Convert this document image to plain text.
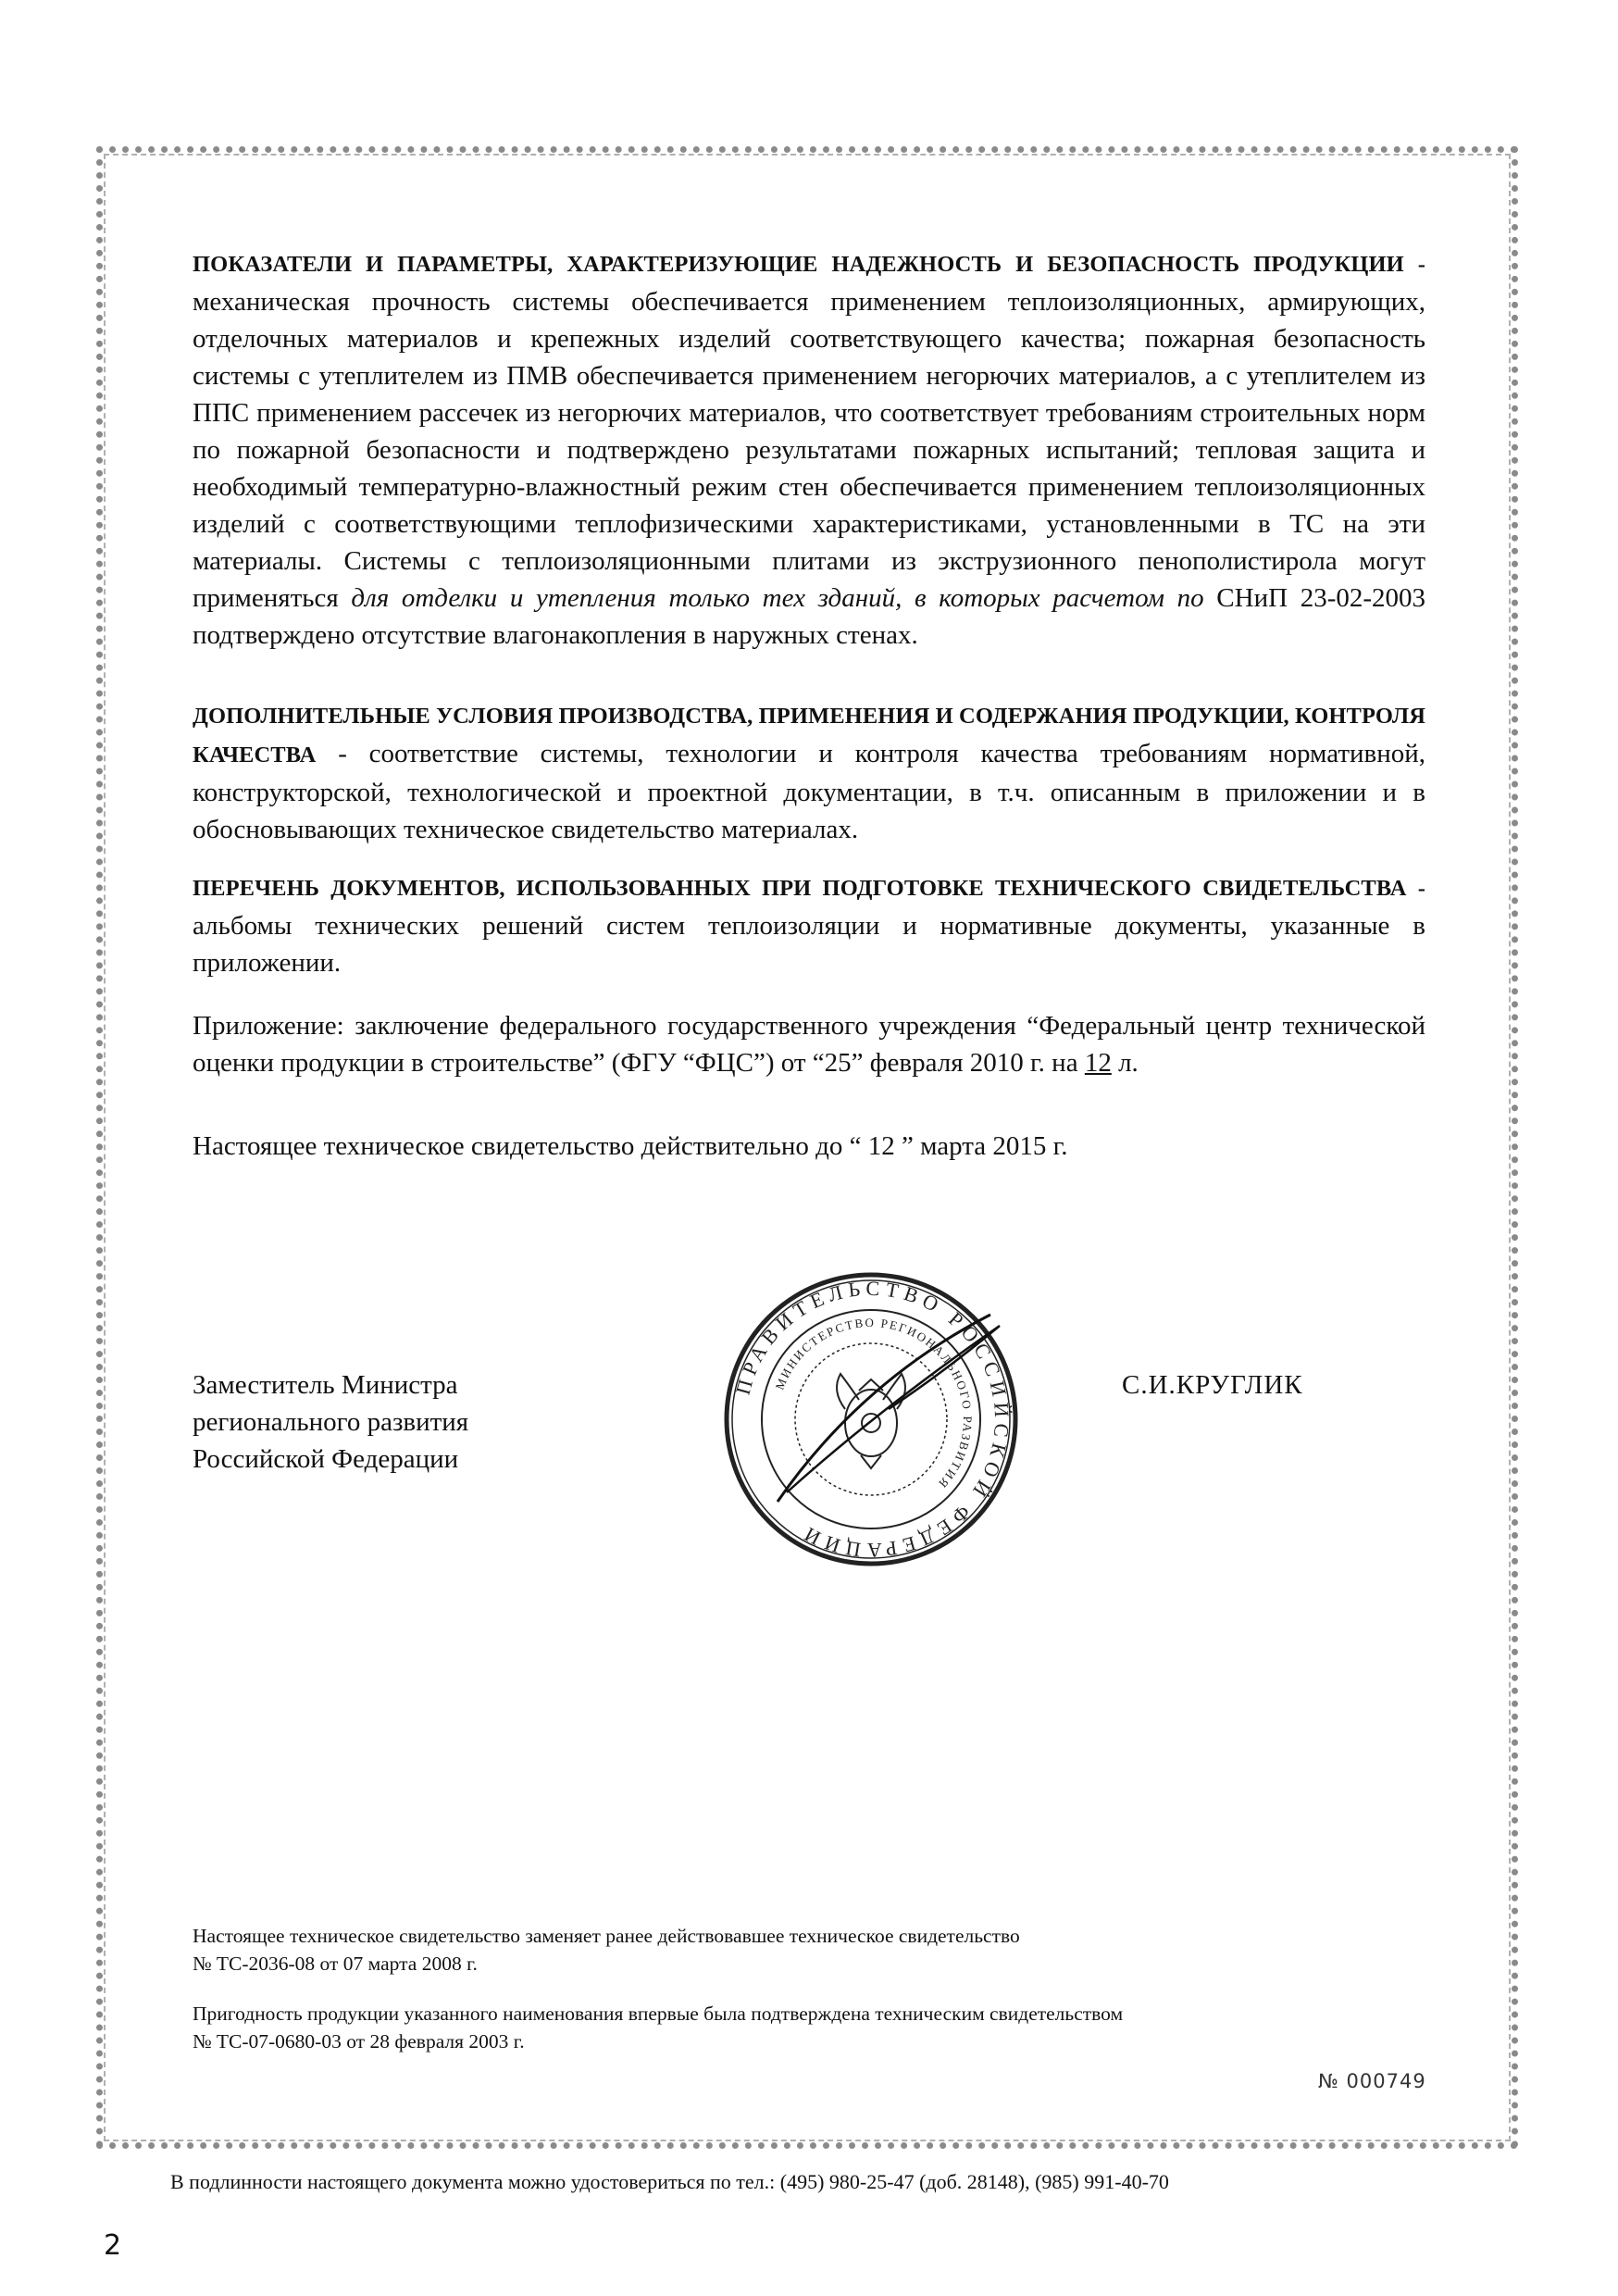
ПОКАЗАТЕЛИ И ПАРАМЕТРЫ, ХАРАКТЕРИЗУЮЩИЕ НАДЕЖНОСТЬ И БЕЗОПАСНОСТЬ ПРОДУКЦИИ - механическая прочность системы обеспечивается применением теплоизоляционных, армирующих, отделочных материалов и крепежных изделий соответствующего качества; пожарная безопасность системы с утеплителем из ПМВ обеспечивается применением негорючих материалов, а с утеплителем из ППС применением рассечек из негорючих материалов, что соответствует требованиям строительных норм по пожарной безопасности и подтверждено результатами пожарных испытаний; тепловая защита и необходимый температурно-влажностный режим стен обеспечивается применением теплоизоляционных изделий с соответствующими теплофизическими характеристиками, установленными в ТС на эти материалы. Системы с теплоизоляционными плитами из экструзионного пенополистирола могут применяться для отделки и утепления только тех зданий, в которых расчетом по СНиП 23-02-2003 подтверждено отсутствие влагонакопления в наружных стенах.

ДОПОЛНИТЕЛЬНЫЕ УСЛОВИЯ ПРОИЗВОДСТВА, ПРИМЕНЕНИЯ И СОДЕРЖАНИЯ ПРОДУКЦИИ, КОНТРОЛЯ КАЧЕСТВА - соответствие системы, технологии и контроля качества требованиям нормативной, конструкторской, технологической и проектной документации, в т.ч. описанным в приложении и в обосновывающих техническое свидетельство материалах.

ПЕРЕЧЕНЬ ДОКУМЕНТОВ, ИСПОЛЬЗОВАННЫХ ПРИ ПОДГОТОВКЕ ТЕХНИЧЕСКОГО СВИДЕТЕЛЬСТВА - альбомы технических решений систем теплоизоляции и нормативные документы, указанные в приложении.

Приложение: заключение федерального государственного учреждения “Федеральный центр технической оценки продукции в строительстве” (ФГУ “ФЦС”) от “25” февраля 2010 г. на 12 л.

Настоящее техническое свидетельство действительно до “ 12 ” марта 2015 г.

Заместитель Министра
регионального развития
Российской Федерации
С.И.КРУГЛИК
ПРАВИТЕЛЬСТВО РОССИЙСКОЙ ФЕДЕРАЦИИ
МИНИСТЕРСТВО РЕГИОНАЛЬНОГО РАЗВИТИЯ
Настоящее техническое свидетельство заменяет ранее действовавшее техническое свидетельство
№ ТС-2036-08 от 07 марта 2008 г.
Пригодность продукции указанного наименования впервые была подтверждена техническим свидетельством
№ ТС-07-0680-03 от 28 февраля 2003 г.
№ 000749
В подлинности настоящего документа можно удостовериться по тел.: (495) 980-25-47 (доб. 28148), (985) 991-40-70
2
